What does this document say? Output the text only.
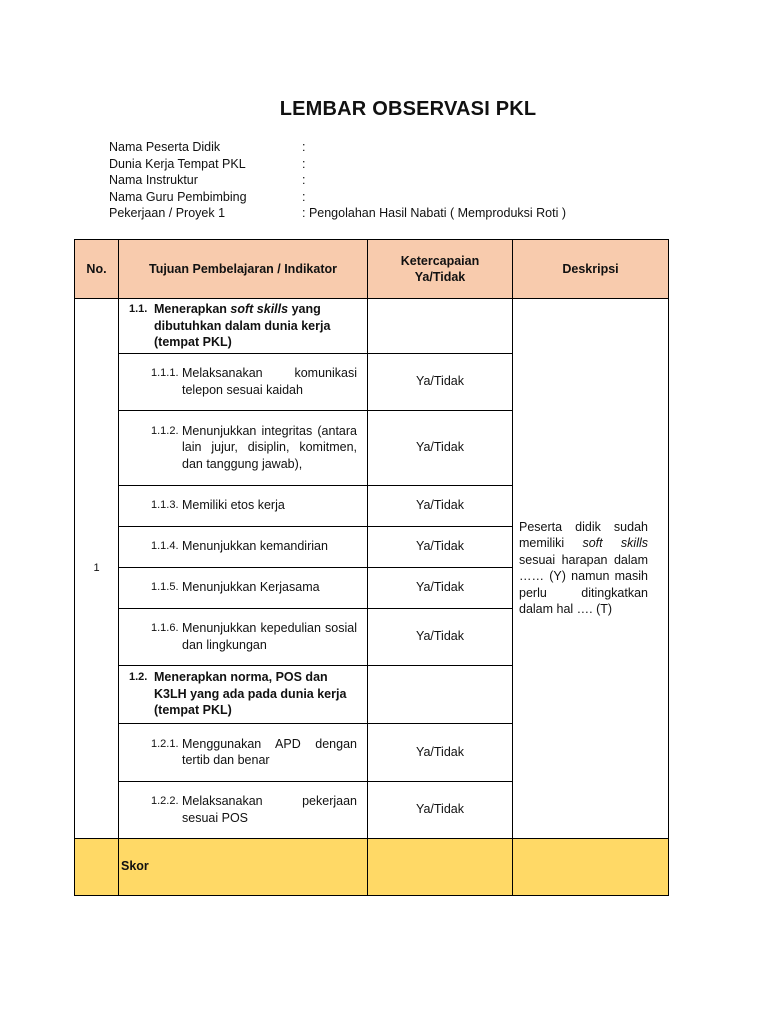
LEMBAR OBSERVASI PKL
Nama Peserta Didik	:
Dunia Kerja Tempat PKL	:
Nama Instruktur	:
Nama Guru Pembimbing	:
Pekerjaan / Proyek 1	: Pengolahan Hasil Nabati ( Memproduksi Roti )
No.	Tujuan Pembelajaran / Indikator	Ketercapaian Ya/Tidak	Deskripsi
1	1.1. Menerapkan soft skills yang dibutuhkan dalam dunia kerja (tempat PKL)		Peserta didik sudah memiliki soft skills sesuai harapan dalam …… (Y) namun masih perlu ditingkatkan dalam hal …. (T)

	1.1.1. Melaksanakan komunikasi telepon sesuai kaidah	Ya/Tidak	

	1.1.2. Menunjukkan integritas (antara lain jujur, disiplin, komitmen, dan tanggung jawab),	Ya/Tidak	

	1.1.3. Memiliki etos kerja	Ya/Tidak	

	1.1.4. Menunjukkan kemandirian	Ya/Tidak	

	1.1.5. Menunjukkan Kerjasama	Ya/Tidak	

	1.1.6. Menunjukkan kepedulian sosial dan lingkungan	Ya/Tidak	

	1.2. Menerapkan norma, POS dan K3LH yang ada pada dunia kerja (tempat PKL)		

	1.2.1. Menggunakan APD dengan tertib dan benar	Ya/Tidak	

	1.2.2. Melaksanakan pekerjaan sesuai POS	Ya/Tidak	
	Skor		
